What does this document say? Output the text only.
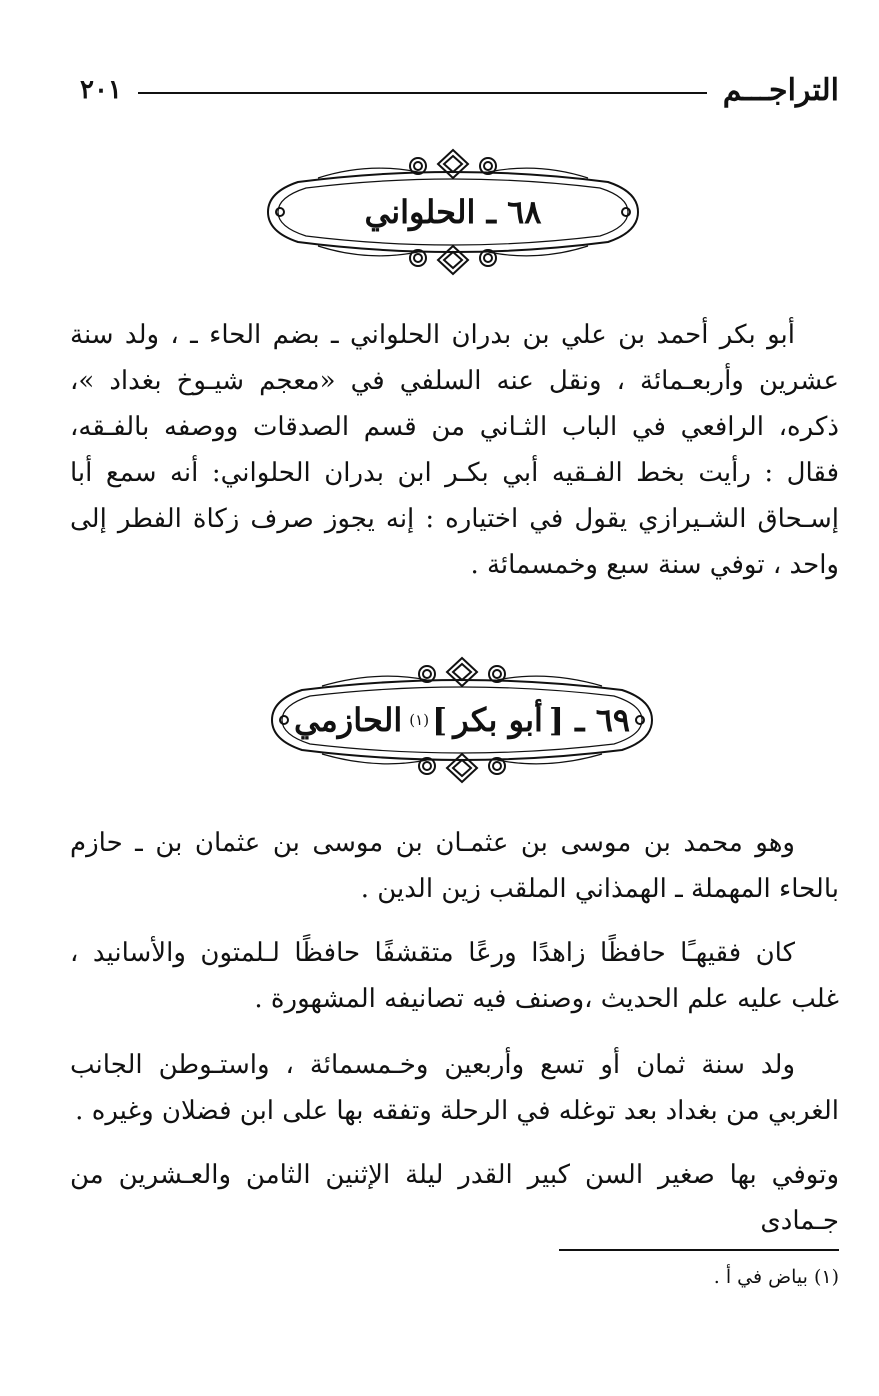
التراجـــم
٢٠١
٦٨ ـ الحلواني
أبو بكر أحمد بن علي بن بدران الحلواني ـ بضم الحاء ـ ، ولد سنة عشرين وأربعـمائة ، ونقل عنه السلفي في «معجم شيـوخ بغداد »، ذكره، الرافعي في الباب الثـاني من قسم الصدقات ووصفه بالفـقه، فقال : رأيت بخط الفـقيه أبي بكـر ابن بدران الحلواني: أنه سمع أبا إسـحاق الشـيرازي يقول في اختياره : إنه يجوز صرف زكاة الفطر إلى واحد ، توفي سنة سبع وخمسمائة .
٦٩ ـ [
أبو بكر
]
(١)
الحازمي
وهو محمد بن موسى بن عثمـان بن موسى بن عثمان بن ـ حازم بالحاء المهملة ـ الهمذاني الملقب زين الدين .
كان فقيهـًا حافظًا زاهدًا ورعًا متقشفًا حافظًا لـلمتون والأسانيد ، غلب عليه علم الحديث ،وصنف فيه تصانيفه المشهورة .
ولد سنة ثمان أو تسع وأربعين وخـمسمائة ، واستـوطن الجانب الغربي من بغداد بعد توغله في الرحلة وتفقه بها على ابن فضلان وغيره .
وتوفي بها صغير السن كبير القدر ليلة الإثنين الثامن والعـشرين من جـمادى
(١) بياض في أ .
